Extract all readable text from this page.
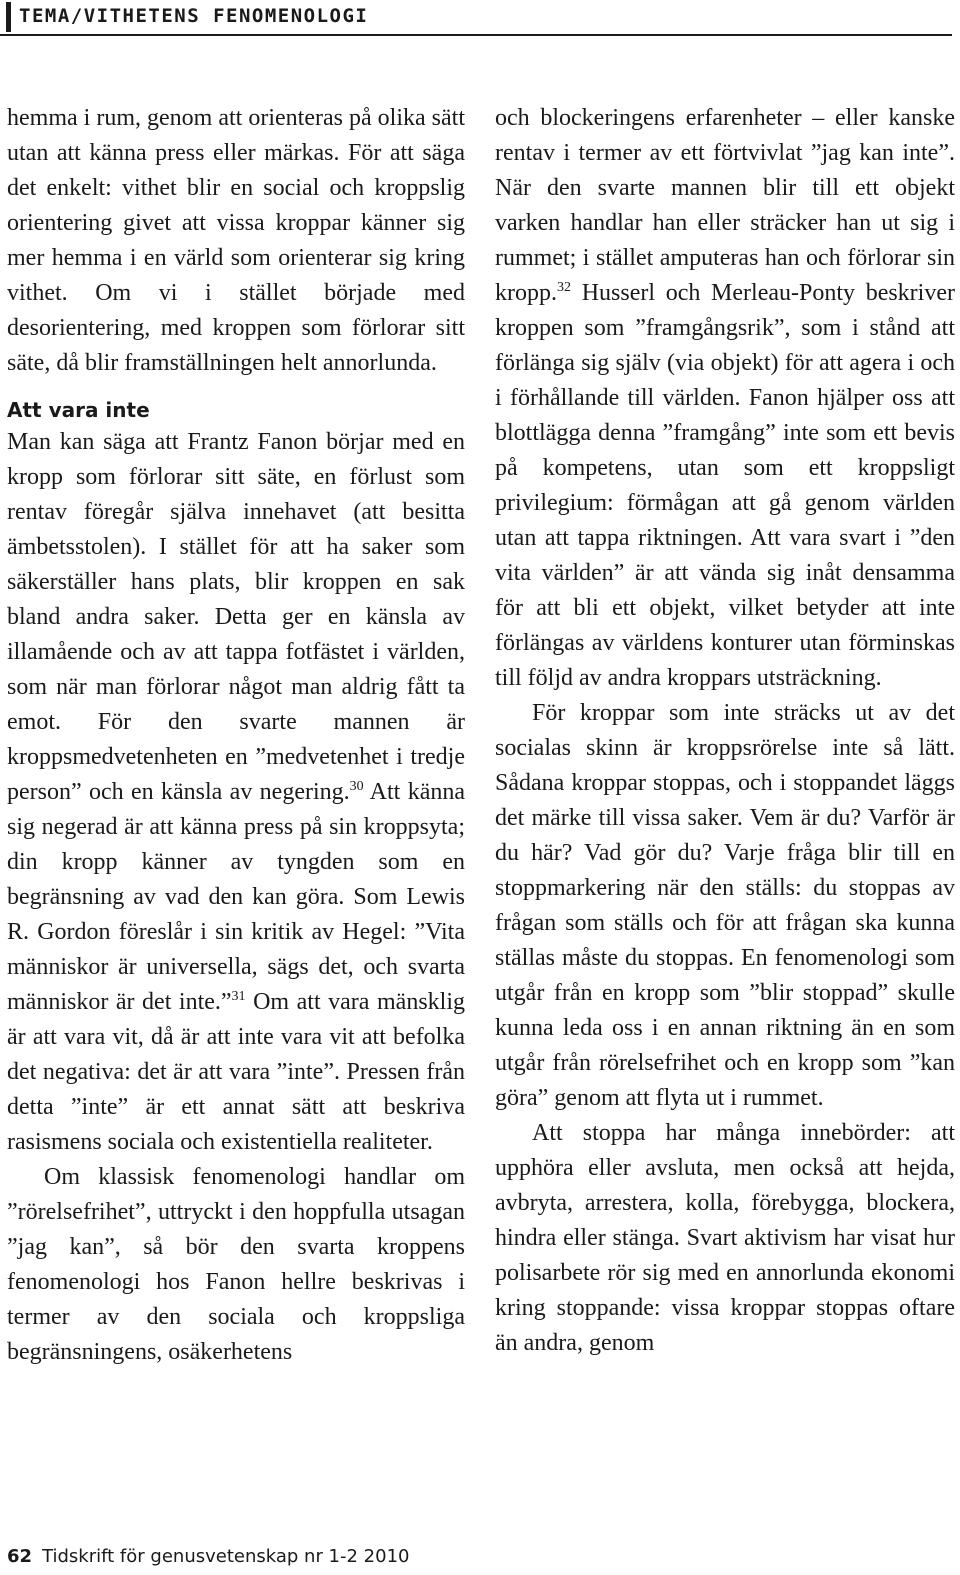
TEMA/VITHETENS FENOMENOLOGI

hemma i rum, genom att orienteras på olika sätt utan att känna press eller märkas. För att säga det enkelt: vithet blir en social och kroppslig orientering givet att vissa kroppar känner sig mer hemma i en värld som orienterar sig kring vithet. Om vi i stället började med desorientering, med kroppen som förlorar sitt säte, då blir framställningen helt annorlunda.

Att vara inte

Man kan säga att Frantz Fanon börjar med en kropp som förlorar sitt säte, en förlust som rentav föregår själva innehavet (att besitta ämbetsstolen). I stället för att ha saker som säkerställer hans plats, blir kroppen en sak bland andra saker. Detta ger en känsla av illamående och av att tappa fotfästet i världen, som när man förlorar något man aldrig fått ta emot. För den svarte mannen är kroppsmedvetenheten en ”medvetenhet i tredje person” och en känsla av negering.$^{30}$ Att känna sig negerad är att känna press på sin kroppsyta; din kropp känner av tyngden som en begränsning av vad den kan göra. Som Lewis R. Gordon föreslår i sin kritik av Hegel: ”Vita människor är universella, sägs det, och svarta människor är det inte.”$^{31}$ Om att vara mänsklig är att vara vit, då är att inte vara vit att befolka det negativa: det är att vara ”inte”. Pressen från detta ”inte” är ett annat sätt att beskriva rasismens sociala och existentiella realiteter.

Om klassisk fenomenologi handlar om ”rörelsefrihet”, uttryckt i den hoppfulla utsagan ”jag kan”, så bör den svarta kroppens fenomenologi hos Fanon hellre beskrivas i termer av den sociala och kroppsliga begränsningens, osäkerhetens

och blockeringens erfarenheter – eller kanske rentav i termer av ett förtvivlat ”jag kan inte”. När den svarte mannen blir till ett objekt varken handlar han eller sträcker han ut sig i rummet; i stället amputeras han och förlorar sin kropp.$^{32}$ Husserl och Merleau-Ponty beskriver kroppen som ”framgångsrik”, som i stånd att förlänga sig själv (via objekt) för att agera i och i förhållande till världen. Fanon hjälper oss att blottlägga denna ”framgång” inte som ett bevis på kompetens, utan som ett kroppsligt privilegium: förmågan att gå genom världen utan att tappa riktningen. Att vara svart i ”den vita världen” är att vända sig inåt densamma för att bli ett objekt, vilket betyder att inte förlängas av världens konturer utan förminskas till följd av andra kroppars utsträckning.

För kroppar som inte sträcks ut av det socialas skinn är kroppsrörelse inte så lätt. Sådana kroppar stoppas, och i stoppandet läggs det märke till vissa saker. Vem är du? Varför är du här? Vad gör du? Varje fråga blir till en stoppmarkering när den ställs: du stoppas av frågan som ställs och för att frågan ska kunna ställas måste du stoppas. En fenomenologi som utgår från en kropp som ”blir stoppad” skulle kunna leda oss i en annan riktning än en som utgår från rörelsefrihet och en kropp som ”kan göra” genom att flyta ut i rummet.

Att stoppa har många innebörder: att upphöra eller avsluta, men också att hejda, avbryta, arrestera, kolla, förebygga, blockera, hindra eller stänga. Svart aktivism har visat hur polisarbete rör sig med en annorlunda ekonomi kring stoppande: vissa kroppar stoppas oftare än andra, genom

62 Tidskrift för genusvetenskap nr 1-2 2010
